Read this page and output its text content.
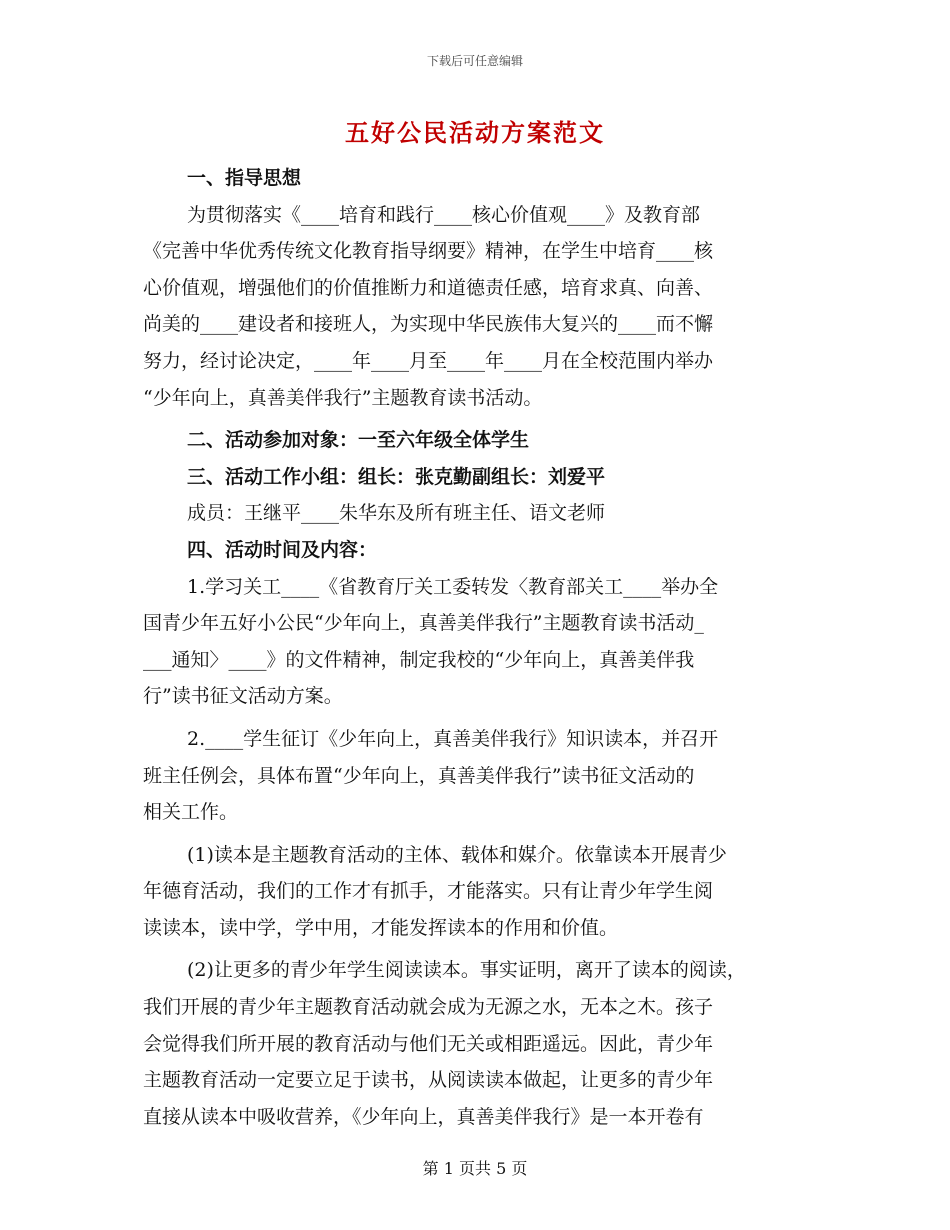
下载后可任意编辑
五好公民活动方案范文

一、指导思想

为贯彻落实《____培育和践行____核心价值观____》及教育部

《完善中华优秀传统文化教育指导纲要》精神，在学生中培育____核

心价值观，增强他们的价值推断力和道德责任感，培育求真、向善、

尚美的____建设者和接班人，为实现中华民族伟大复兴的____而不懈

努力，经讨论决定，____年____月至____年____月在全校范围内举办

“少年向上，真善美伴我行”主题教育读书活动。

二、活动参加对象：一至六年级全体学生

三、活动工作小组：组长：张克勤副组长：刘爱平

成员：王继平____朱华东及所有班主任、语文老师

四、活动时间及内容：

1.学习关工____《省教育厅关工委转发〈教育部关工____举办全

国青少年五好小公民“少年向上，真善美伴我行”主题教育读书活动_

___通知〉____》的文件精神，制定我校的“少年向上，真善美伴我

行”读书征文活动方案。

2.____学生征订《少年向上，真善美伴我行》知识读本，并召开

班主任例会，具体布置“少年向上，真善美伴我行”读书征文活动的

相关工作。

(1)读本是主题教育活动的主体、载体和媒介。依靠读本开展青少

年德育活动，我们的工作才有抓手，才能落实。只有让青少年学生阅

读读本，读中学，学中用，才能发挥读本的作用和价值。

(2)让更多的青少年学生阅读读本。事实证明，离开了读本的阅读，

我们开展的青少年主题教育活动就会成为无源之水，无本之木。孩子

会觉得我们所开展的教育活动与他们无关或相距遥远。因此，青少年

主题教育活动一定要立足于读书，从阅读读本做起，让更多的青少年

直接从读本中吸收营养，《少年向上，真善美伴我行》是一本开卷有

第 1 页共 5 页
